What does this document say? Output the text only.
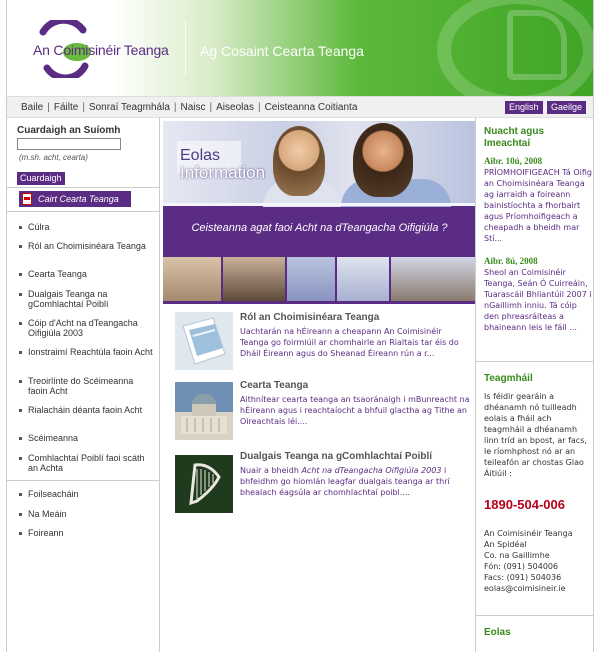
An Coimisinéir Teanga Ag Cosaint Cearta Teanga
Baile | Fáilte | Sonraí Teagmhála | Naisc | Aiseolas | Ceisteanna Coitianta	English	Gaeilge
Cuardaigh an Suíomh
(m.sh. acht, cearta)
Cuardaigh
Cairt Cearta Teanga
Cúlra
Ról an Choimisinéara Teanga
Cearta Teanga
Dualgais Teanga na gComhlachtaí Poiblí
Cóip d'Acht na dTeangacha Oifigiúla 2003
Ionstraimí Reachtúla faoin Acht
Treoirlínte do Scéimeanna faoin Acht
Rialacháin déanta faoin Acht
Scéimeanna
Comhlachtaí Poiblí faoi scáth an Achta
Foilseacháin
Na Meáin
Foireann
Eolas
Information
Ceisteanna agat faoi Acht na dTeangacha Oifigiúla ?
Ról an Choimisinéara Teanga
Uachtarán na hÉireann a cheapann An Coimisinéir Teanga go foirmiúil ar chomhairle an Rialtais tar éis do Dháil Éireann agus do Sheanad Éireann rún a r...
Cearta Teanga
Aithnítear cearta teanga an tsaoránaigh i mBunreacht na hÉireann agus i reachtaíocht a bhfuil glactha ag Tithe an Oireachtais léi....
Dualgais Teanga na gComhlachtaí Poiblí
Nuair a bheidh Acht na dTeangacha Oifigiúla 2003 i bhfeidhm go hiomlán leagfar dualgais teanga ar thrí bhealach éagsúla ar chomhlachtaí poibl....
Nuacht agus Imeachtaí
Aibr. 10ú, 2008
PRÍOMHOIFIGEACH Tá Oifig an Choimisinéara Teanga ag iarraidh a foireann bainistíochta a fhorbairt agus Príomhoifigeach a cheapadh a bheidh mar Stí...
Aibr. 8ú, 2008
Sheol an Coimisinéir Teanga, Seán Ó Cuirreáin, Tuarascáil Bhliantúil 2007 i nGaillimh inniu. Tá cóip den phreasráiteas a bhaineann leis le fáil ...
Teagmháil
Is féidir gearáin a dhéanamh nó tuilleadh eolais a fháil ach teagmháil a dhéanamh linn tríd an bpost, ar facs, le ríomhphost nó ar an teileafón ar chostas Glao Áitiúil :
1890-504-006
An Coimisinéir Teanga
An Spidéal
Co. na Gaillimhe
Fón: (091) 504006
Facs: (091) 504036
eolas@coimisineir.ie
Eolas
